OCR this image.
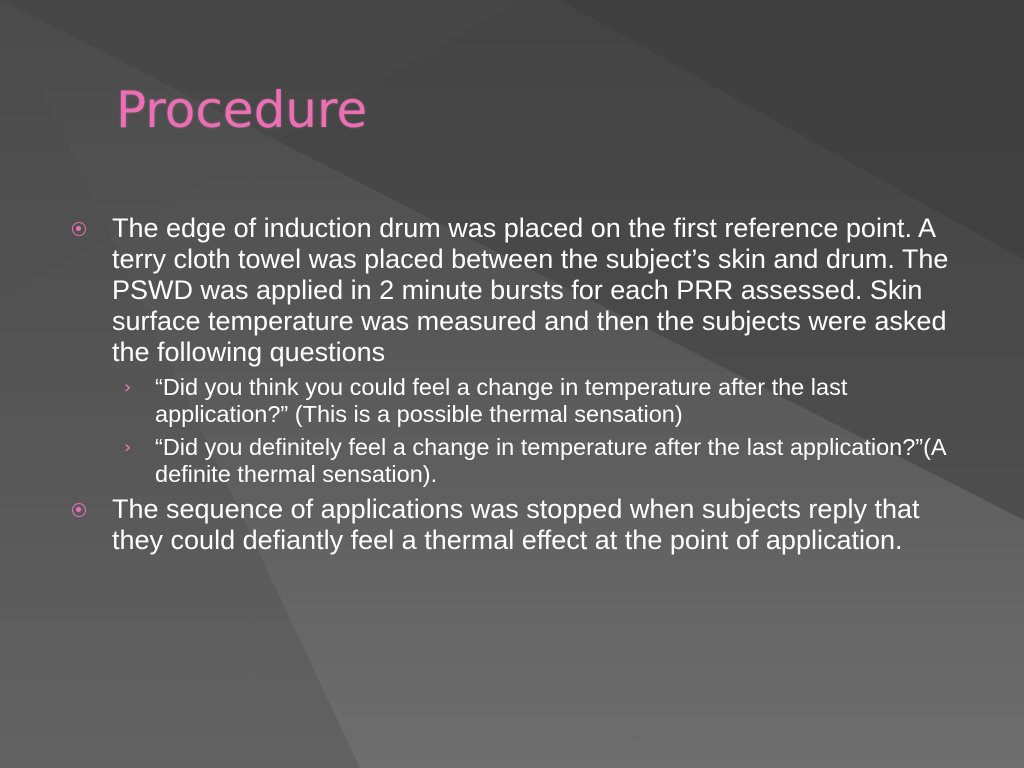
Procedure
The edge of induction drum was placed on the first reference point. A terry cloth towel was placed between the subject’s skin and drum. The PSWD was applied in 2 minute bursts for each PRR assessed. Skin surface temperature was measured and then the subjects were asked the following questions
› “Did you think you could feel a change in temperature after the last application?” (This is a possible thermal sensation)
› “Did you definitely feel a change in temperature after the last application?”(A definite thermal sensation).
The sequence of applications was stopped when subjects reply that they could defiantly feel a thermal effect at the point of application.
